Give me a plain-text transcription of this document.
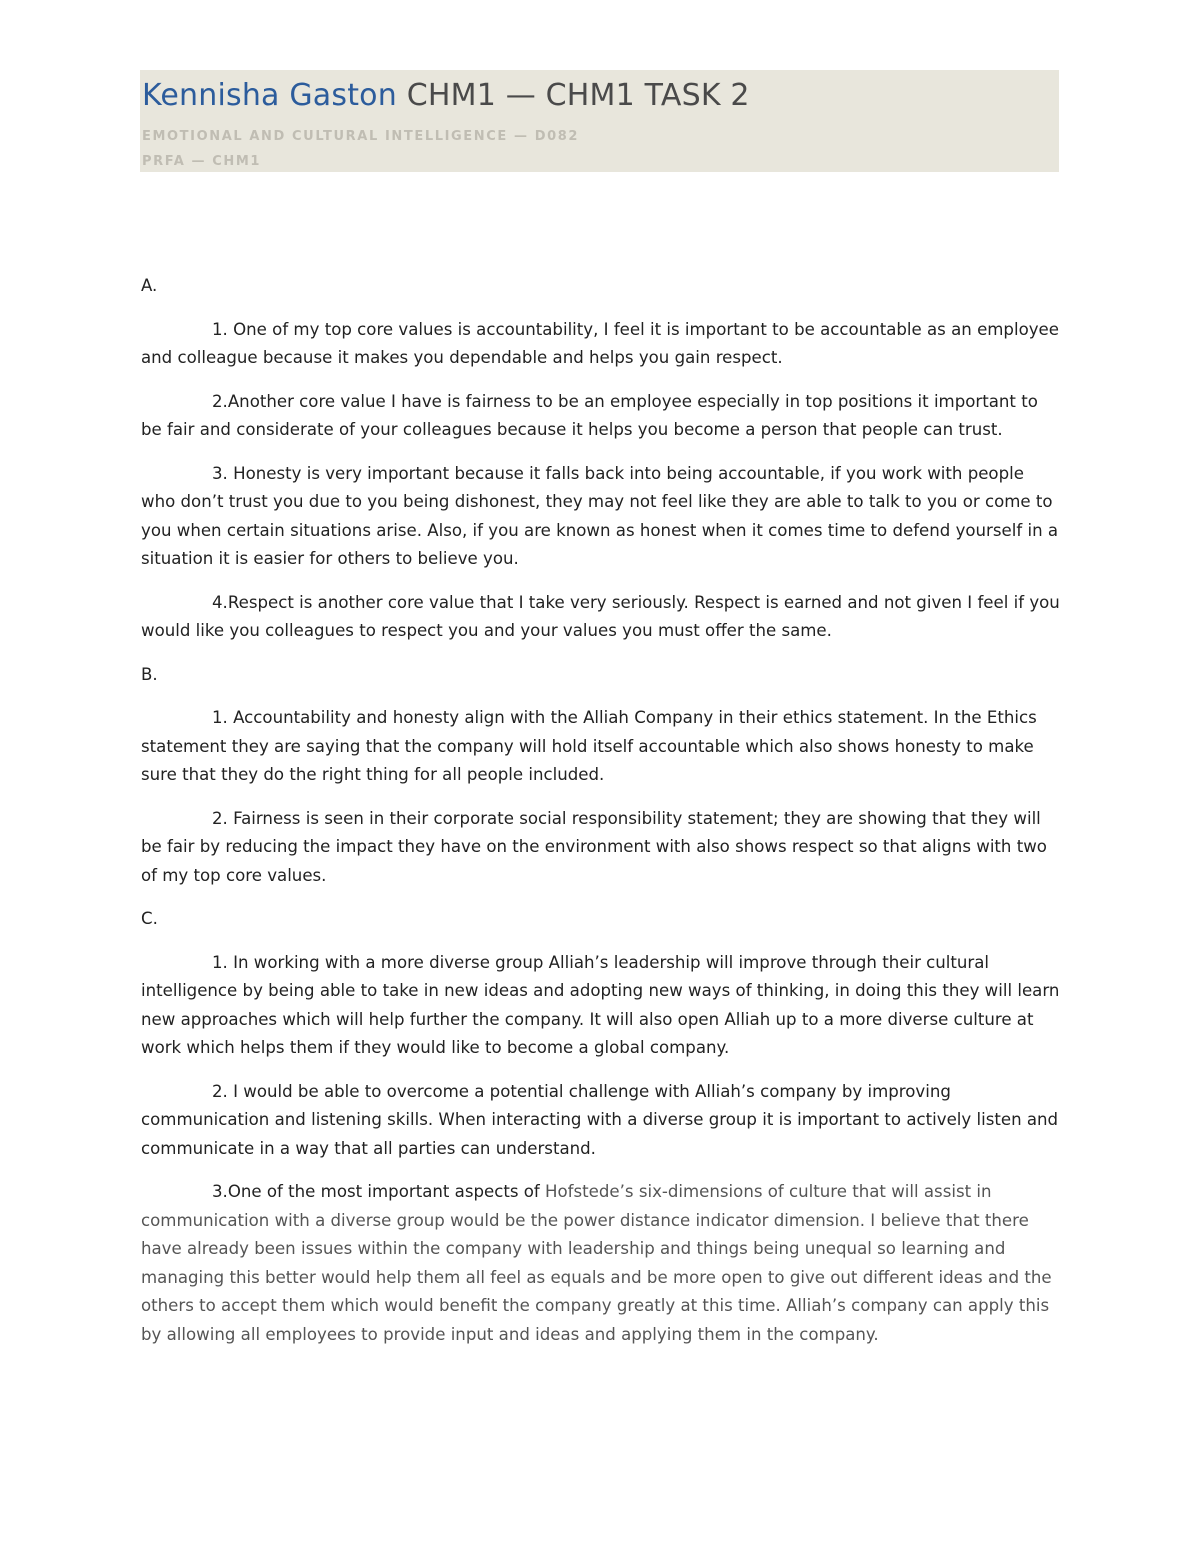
Kennisha Gaston CHM1 — CHM1 TASK 2
EMOTIONAL AND CULTURAL INTELLIGENCE — D082
PRFA — CHM1

A.

1. One of my top core values is accountability, I feel it is important to be accountable as an employee and colleague because it makes you dependable and helps you gain respect.

2.Another core value I have is fairness to be an employee especially in top positions it important to be fair and considerate of your colleagues because it helps you become a person that people can trust.

3. Honesty is very important because it falls back into being accountable, if you work with people who don’t trust you due to you being dishonest, they may not feel like they are able to talk to you or come to you when certain situations arise. Also, if you are known as honest when it comes time to defend yourself in a situation it is easier for others to believe you.

4.Respect is another core value that I take very seriously. Respect is earned and not given I feel if you would like you colleagues to respect you and your values you must offer the same.

B.

1. Accountability and honesty align with the Alliah Company in their ethics statement. In the Ethics statement they are saying that the company will hold itself accountable which also shows honesty to make sure that they do the right thing for all people included.

2. Fairness is seen in their corporate social responsibility statement; they are showing that they will be fair by reducing the impact they have on the environment with also shows respect so that aligns with two of my top core values.

C.

1. In working with a more diverse group Alliah’s leadership will improve through their cultural intelligence by being able to take in new ideas and adopting new ways of thinking, in doing this they will learn new approaches which will help further the company. It will also open Alliah up to a more diverse culture at work which helps them if they would like to become a global company.

2. I would be able to overcome a potential challenge with Alliah’s company by improving communication and listening skills. When interacting with a diverse group it is important to actively listen and communicate in a way that all parties can understand.

3.One of the most important aspects of Hofstede’s six-dimensions of culture that will assist in communication with a diverse group would be the power distance indicator dimension. I believe that there have already been issues within the company with leadership and things being unequal so learning and managing this better would help them all feel as equals and be more open to give out different ideas and the others to accept them which would benefit the company greatly at this time. Alliah’s company can apply this by allowing all employees to provide input and ideas and applying them in the company.
